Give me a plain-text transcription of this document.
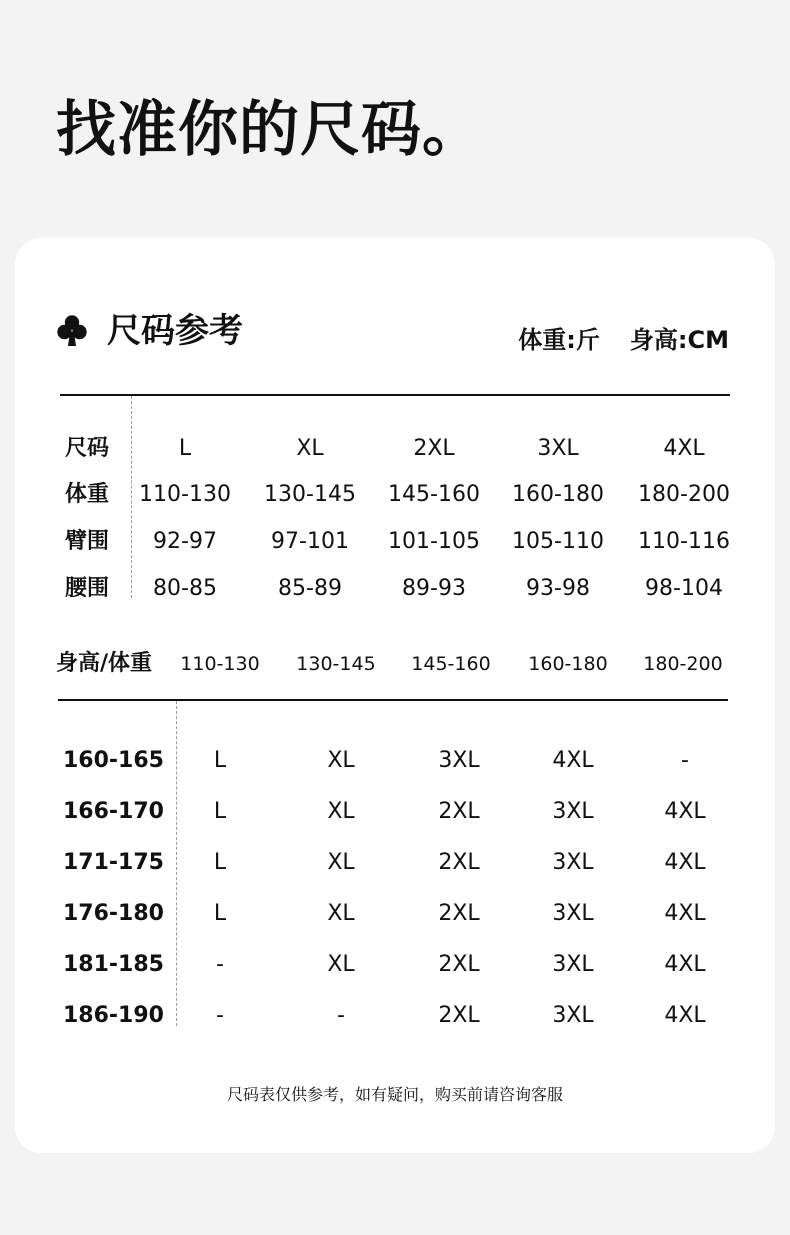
找准你的尺码。
尺码参考	体重:斤 身高:CM
尺码	L	XL	2XL	3XL	4XL
体重	110-130	130-145	145-160	160-180	180-200
臂围	92-97	97-101	101-105	105-110	110-116
腰围	80-85	85-89	89-93	93-98	98-104
身高/体重 110-130 130-145 145-160 160-180 180-200
160-165	L	XL	3XL	4XL	-
166-170	L	XL	2XL	3XL	4XL
171-175	L	XL	2XL	3XL	4XL
176-180	L	XL	2XL	3XL	4XL
181-185	-	XL	2XL	3XL	4XL
186-190	-	-	2XL	3XL	4XL
尺码表仅供参考，如有疑问，购买前请咨询客服
